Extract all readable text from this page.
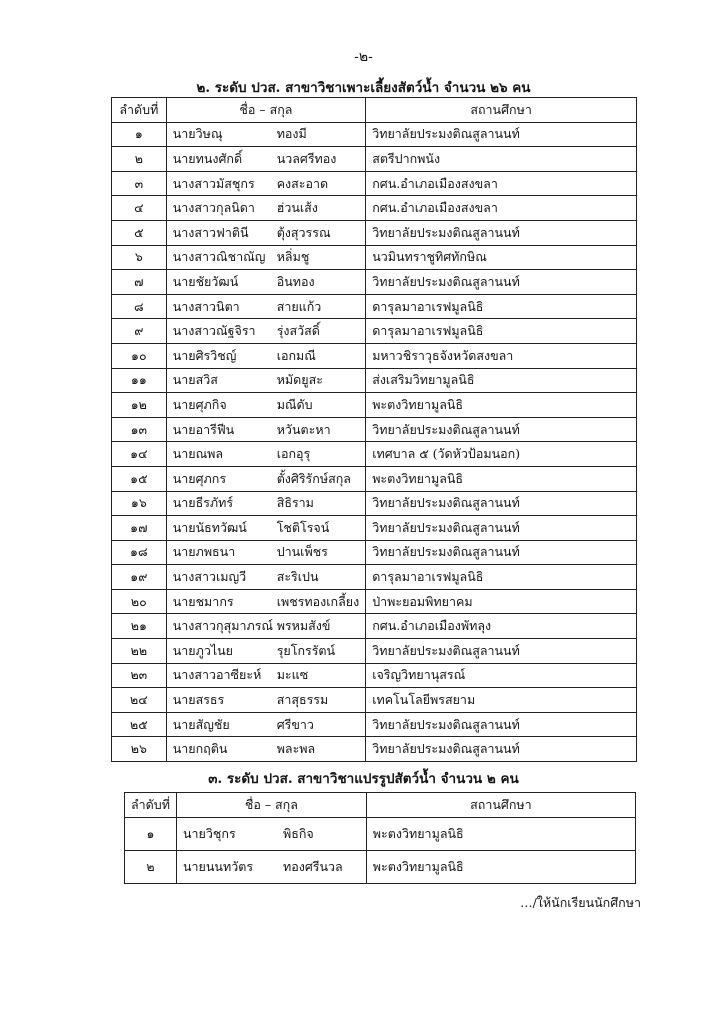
-๒-
๒. ระดับ ปวส. สาขาวิชาเพาะเลี้ยงสัตว์น้ำ จำนวน ๒๖ คน
ลำดับที่	ชื่อ – สกุล	สถานศึกษา
๑	นายวิษณุ ทองมี	วิทยาลัยประมงติณสูลานนท์
๒	นายทนงศักดิ์ นวลศรีทอง	สตรีปากพนัง
๓	นางสาวมัสชุกร คงสะอาด	กศน.อำเภอเมืองสงขลา
๔	นางสาวกุลนิดา ฮ่วนเส้ง	กศน.อำเภอเมืองสงขลา
๕	นางสาวฟาตินี ตุ้งสุวรรณ	วิทยาลัยประมงติณสูลานนท์
๖	นางสาวณิชาณัญ หลิ่มชู	นวมินทราชูทิศทักษิณ
๗	นายชัยวัฒน์ อินทอง	วิทยาลัยประมงติณสูลานนท์
๘	นางสาวนิตา สายแก้ว	ดารุลมาอาเรฟมูลนิธิ
๙	นางสาวณัฐจิรา รุ่งสวัสดิ์	ดารุลมาอาเรฟมูลนิธิ
๑๐	นายศิรวิชญ์ เอกมณี	มหาวชิราวุธจังหวัดสงขลา
๑๑	นายสวิส หมัดยูสะ	ส่งเสริมวิทยามูลนิธิ
๑๒	นายศุภกิจ มณีดับ	พะตงวิทยามูลนิธิ
๑๓	นายอารีฟีน หวันตะหา	วิทยาลัยประมงติณสูลานนท์
๑๔	นายณพล เอกอุรุ	เทศบาล ๕ (วัดหัวป้อมนอก)
๑๕	นายศุภกร ตั้งศิริรักษ์สกุล	พะตงวิทยามูลนิธิ
๑๖	นายธีรภัทร์ สิธิราม	วิทยาลัยประมงติณสูลานนท์
๑๗	นายนัธทวัฒน์ โชติโรจน์	วิทยาลัยประมงติณสูลานนท์
๑๘	นายภพธนา ปานเพ็ชร	วิทยาลัยประมงติณสูลานนท์
๑๙	นางสาวเมญวี สะริเปน	ดารุลมาอาเรฟมูลนิธิ
๒๐	นายชมากร เพชรทองเกลี้ยง	ป่าพะยอมพิทยาคม
๒๑	นางสาวกุสุมาภรณ์ พรหมสังข์	กศน.อำเภอเมืองพัทลุง
๒๒	นายภูวไนย รุยโกรรัตน์	วิทยาลัยประมงติณสูลานนท์
๒๓	นางสาวอาซียะห์ มะแซ	เจริญวิทยานุสรณ์
๒๔	นายสรธร สาสุธรรม	เทคโนโลยีพรสยาม
๒๕	นายสัญชัย ศรีขาว	วิทยาลัยประมงติณสูลานนท์
๒๖	นายกฤติน พละพล	วิทยาลัยประมงติณสูลานนท์
๓. ระดับ ปวส. สาขาวิชาแปรรูปสัตว์น้ำ จำนวน ๒ คน
ลำดับที่	ชื่อ – สกุล	สถานศึกษา
๑	นายวิชุกร พิธกิจ	พะตงวิทยามูลนิธิ
๒	นายนนทวัตร ทองศรีนวล	พะตงวิทยามูลนิธิ
…/ให้นักเรียนนักศึกษา
